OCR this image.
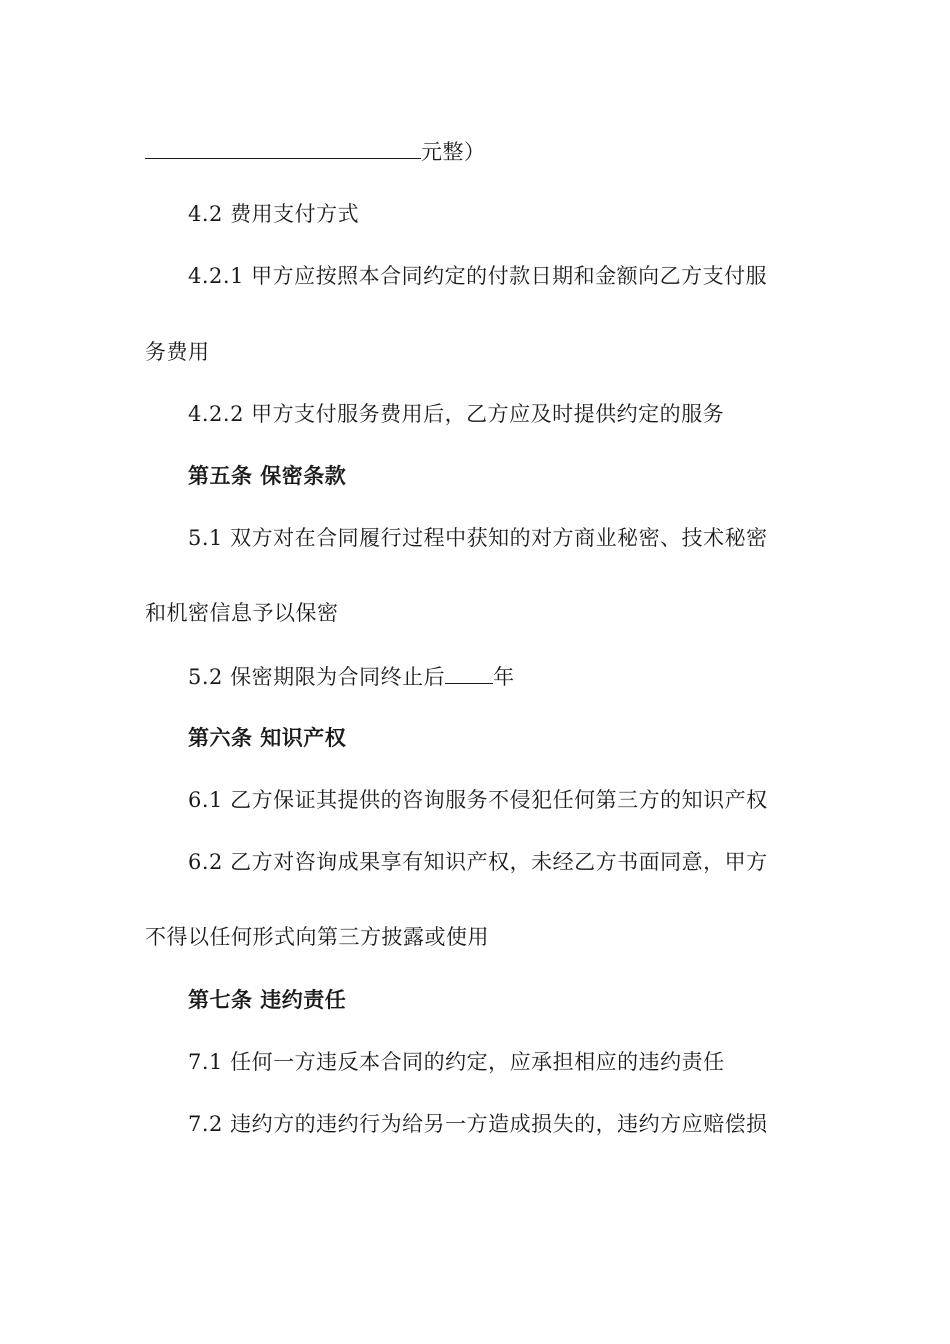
元整）
4.2 费用支付方式
4.2.1 甲方应按照本合同约定的付款日期和金额向乙方支付服
务费用
4.2.2 甲方支付服务费用后，乙方应及时提供约定的服务
第五条 保密条款
5.1 双方对在合同履行过程中获知的对方商业秘密、技术秘密
和机密信息予以保密
5.2 保密期限为合同终止后 年
第六条 知识产权
6.1 乙方保证其提供的咨询服务不侵犯任何第三方的知识产权
6.2 乙方对咨询成果享有知识产权，未经乙方书面同意，甲方
不得以任何形式向第三方披露或使用
第七条 违约责任
7.1 任何一方违反本合同的约定，应承担相应的违约责任
7.2 违约方的违约行为给另一方造成损失的，违约方应赔偿损
